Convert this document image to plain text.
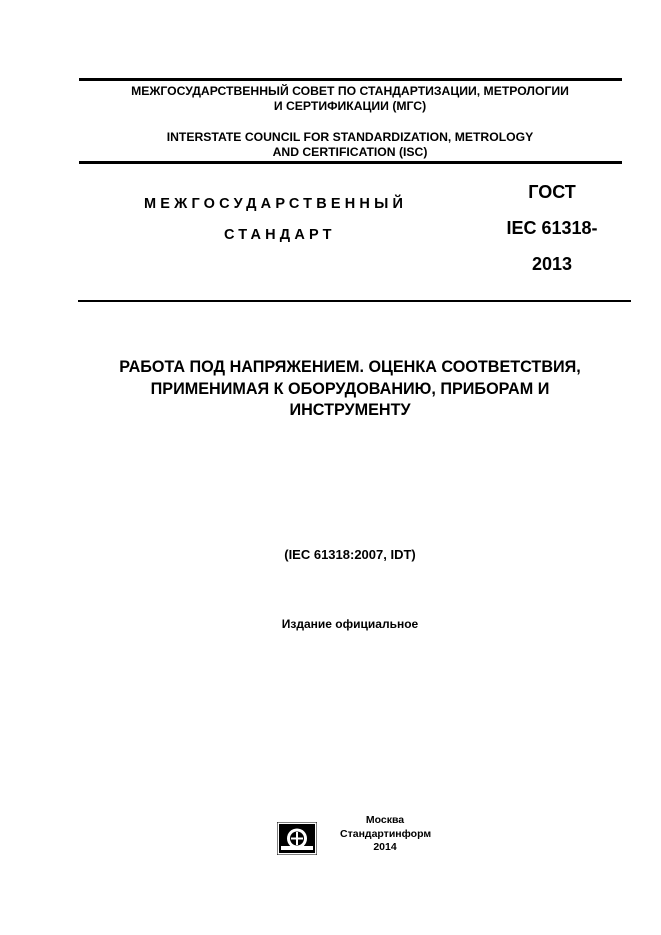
МЕЖГОСУДАРСТВЕННЫЙ СОВЕТ ПО СТАНДАРТИЗАЦИИ, МЕТРОЛОГИИ
И СЕРТИФИКАЦИИ (МГС)
INTERSTATE COUNCIL FOR STANDARDIZATION, METROLOGY
AND CERTIFICATION (ISC)
МЕЖГОСУДАРСТВЕННЫЙ
СТАНДАРТ
ГОСТ
IEC 61318-
2013
РАБОТА ПОД НАПРЯЖЕНИЕМ. ОЦЕНКА СООТВЕТСТВИЯ,
ПРИМЕНИМАЯ К ОБОРУДОВАНИЮ, ПРИБОРАМ И
ИНСТРУМЕНТУ
(IEC 61318:2007, IDT)
Издание официальное
Москва
Стандартинформ
2014
